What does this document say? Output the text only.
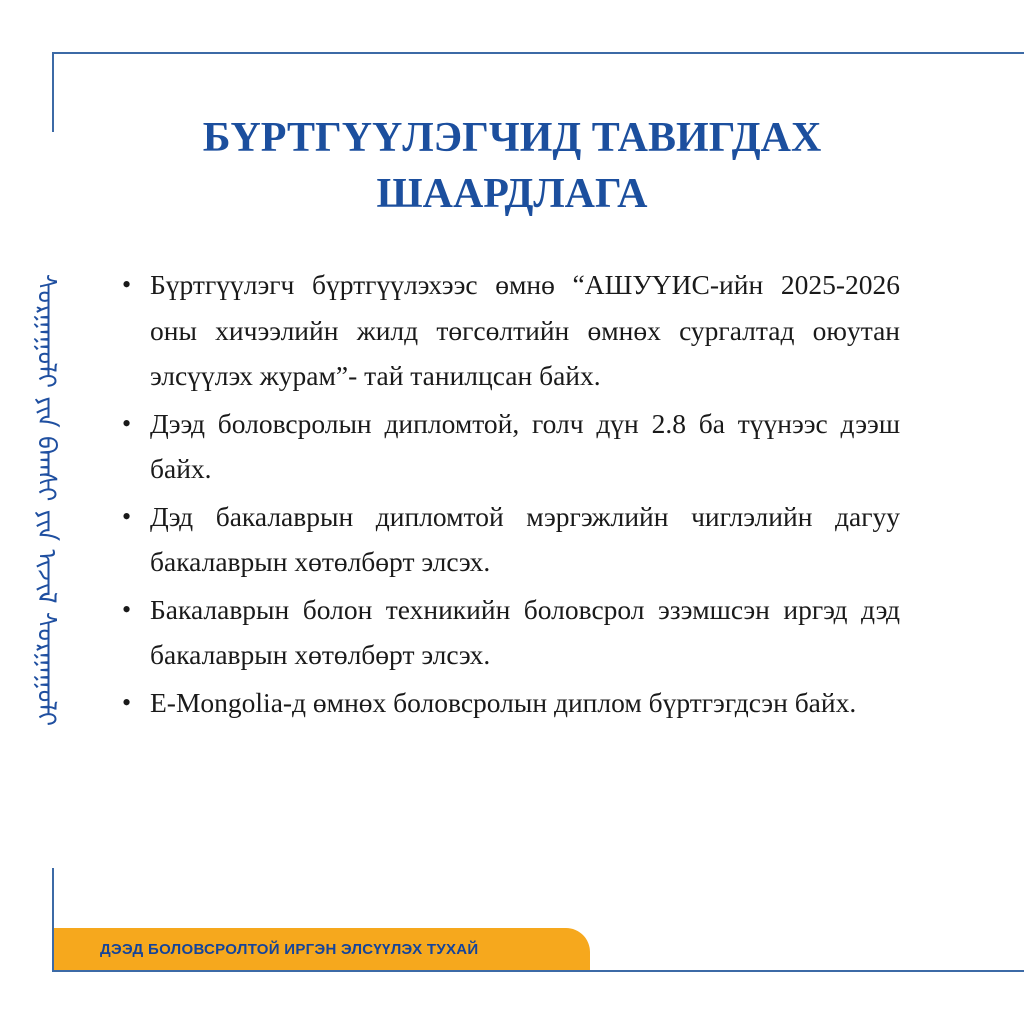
ᠰᠤᠷᠭᠠᠭᠤᠯᠢ ᠶᠢᠨ ᠪᠠᠭᠰᠢ ᠶᠢᠨ ᠢᠵᠢᠯ ᠰᠤᠷᠭᠠᠭᠤᠯᠢ
БҮРТГҮҮЛЭГЧИД ТАВИГДАХ ШААРДЛАГА
• Бүртгүүлэгч бүртгүүлэхээс өмнө “АШУҮИС-ийн 2025-2026 оны хичээлийн жилд төгсөлтийн өмнөх сургалтад оюутан элсүүлэх журам”- тай танилцсан байх.
• Дээд боловсролын дипломтой, голч дүн 2.8 ба түүнээс дээш байх.
• Дэд бакалаврын дипломтой мэргэжлийн чиглэлийн дагуу бакалаврын хөтөлбөрт элсэх.
• Бакалаврын болон техникийн боловсрол эзэмшсэн иргэд дэд бакалаврын хөтөлбөрт элсэх.
• E-Mongolia-д өмнөх боловсролын диплом бүртгэгдсэн байх.
ДЭЭД БОЛОВСРОЛТОЙ ИРГЭН ЭЛСҮҮЛЭХ ТУХАЙ
